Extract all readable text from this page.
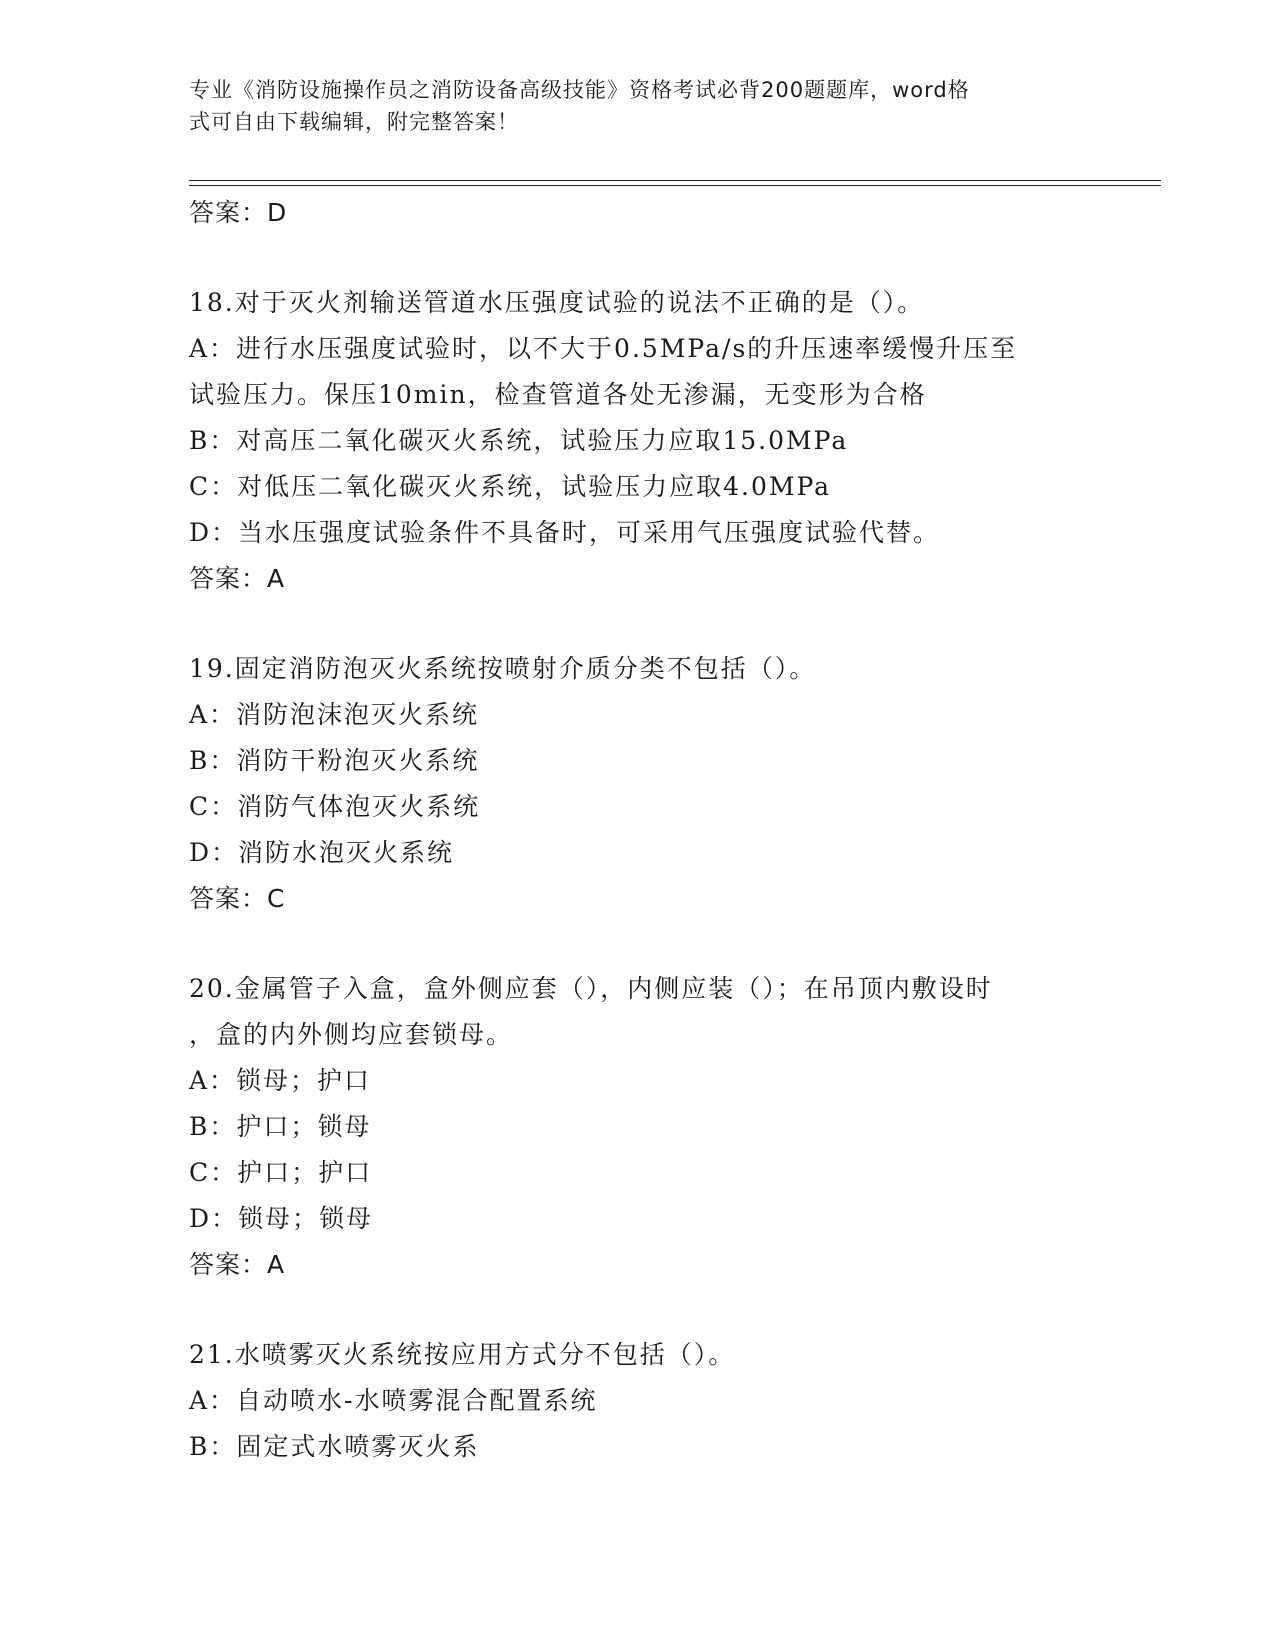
专业《消防设施操作员之消防设备高级技能》资格考试必背200题题库，word格
式可自由下载编辑，附完整答案！
答案：D
18.对于灭火剂输送管道水压强度试验的说法不正确的是（）。
A：进行水压强度试验时，以不大于0.5MPa/s的升压速率缓慢升压至
试验压力。保压10min，检查管道各处无渗漏，无变形为合格
B：对高压二氧化碳灭火系统，试验压力应取15.0MPa
C：对低压二氧化碳灭火系统，试验压力应取4.0MPa
D：当水压强度试验条件不具备时，可采用气压强度试验代替。
答案：A
19.固定消防泡灭火系统按喷射介质分类不包括（）。
A：消防泡沫泡灭火系统
B：消防干粉泡灭火系统
C：消防气体泡灭火系统
D：消防水泡灭火系统
答案：C
20.金属管子入盒，盒外侧应套（），内侧应装（）；在吊顶内敷设时
，盒的内外侧均应套锁母。
A：锁母；护口
B：护口；锁母
C：护口；护口
D：锁母；锁母
答案：A
21.水喷雾灭火系统按应用方式分不包括（）。
A：自动喷水-水喷雾混合配置系统
B：固定式水喷雾灭火系
